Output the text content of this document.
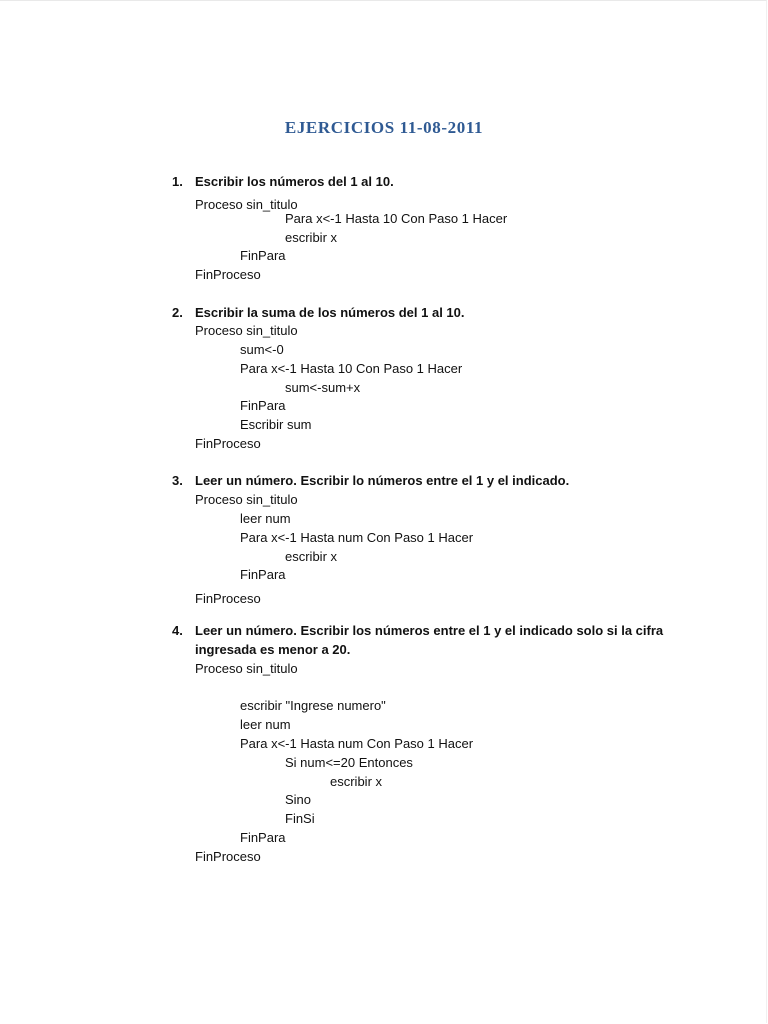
EJERCICIOS 11-08-2011
1. Escribir los números del 1 al 10.
Proceso sin_titulo
Para x<-1 Hasta 10 Con Paso 1 Hacer
escribir x
FinPara
FinProceso
2. Escribir la suma de los números del 1 al 10.
Proceso sin_titulo
sum<-0
Para x<-1 Hasta 10 Con Paso 1 Hacer
sum<-sum+x
FinPara
Escribir sum
FinProceso
3. Leer un número. Escribir lo números entre el 1 y el indicado.
Proceso sin_titulo
leer num
Para x<-1 Hasta num Con Paso 1 Hacer
escribir x
FinPara
FinProceso
4. Leer un número. Escribir los números entre el 1 y el indicado solo si la cifra
ingresada es menor a 20.
Proceso sin_titulo
escribir "Ingrese numero"
leer num
Para x<-1 Hasta num Con Paso 1 Hacer
Si num<=20 Entonces
escribir x
Sino
FinSi
FinPara
FinProceso
